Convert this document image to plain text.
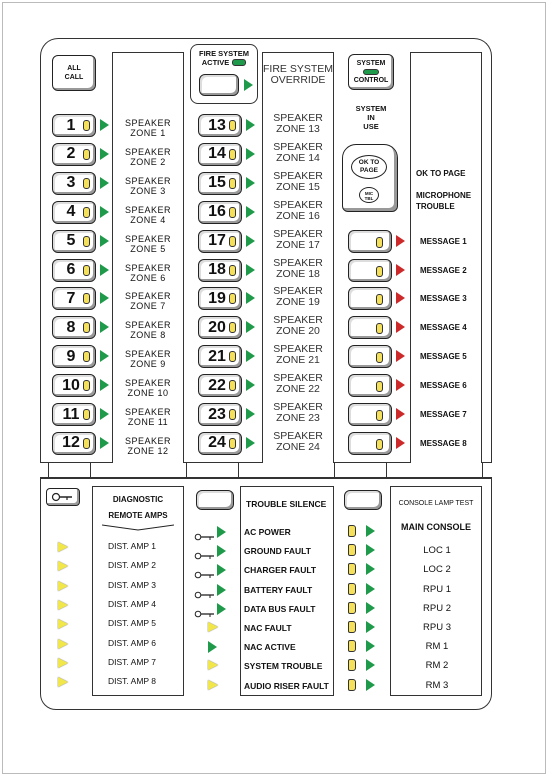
ALL
CALL
FIRE SYSTEM
ACTIVE
FIRE SYSTEM
OVERRIDE
SYSTEM
CONTROL
SYSTEM
IN
USE
OK TO
PAGE
MIC
TBL
OK TO PAGE
MICROPHONE
TROUBLE
1	SPEAKER
ZONE 1
2	SPEAKER
ZONE 2
3	SPEAKER
ZONE 3
4	SPEAKER
ZONE 4
5	SPEAKER
ZONE 5
6	SPEAKER
ZONE 6
7	SPEAKER
ZONE 7
8	SPEAKER
ZONE 8
9	SPEAKER
ZONE 9
10	SPEAKER
ZONE 10
11	SPEAKER
ZONE 11
12	SPEAKER
ZONE 12
13	SPEAKER
ZONE 13
14	SPEAKER
ZONE 14
15	SPEAKER
ZONE 15
16	SPEAKER
ZONE 16
17	SPEAKER
ZONE 17
18	SPEAKER
ZONE 18
19	SPEAKER
ZONE 19
20	SPEAKER
ZONE 20
21	SPEAKER
ZONE 21
22	SPEAKER
ZONE 22
23	SPEAKER
ZONE 23
24	SPEAKER
ZONE 24
MESSAGE 1
MESSAGE 2
MESSAGE 3
MESSAGE 4
MESSAGE 5
MESSAGE 6
MESSAGE 7
MESSAGE 8
DIAGNOSTIC
REMOTE AMPS
TROUBLE SILENCE	CONSOLE LAMP TEST
MAIN CONSOLE
DIST. AMP 1
DIST. AMP 2
DIST. AMP 3
DIST. AMP 4
DIST. AMP 5
DIST. AMP 6
DIST. AMP 7
DIST. AMP 8
AC POWER
GROUND FAULT
CHARGER FAULT
BATTERY FAULT
DATA BUS FAULT
NAC FAULT
NAC ACTIVE
SYSTEM TROUBLE
AUDIO RISER FAULT
LOC 1
LOC 2
RPU 1
RPU 2
RPU 3
RM 1
RM 2
RM 3
